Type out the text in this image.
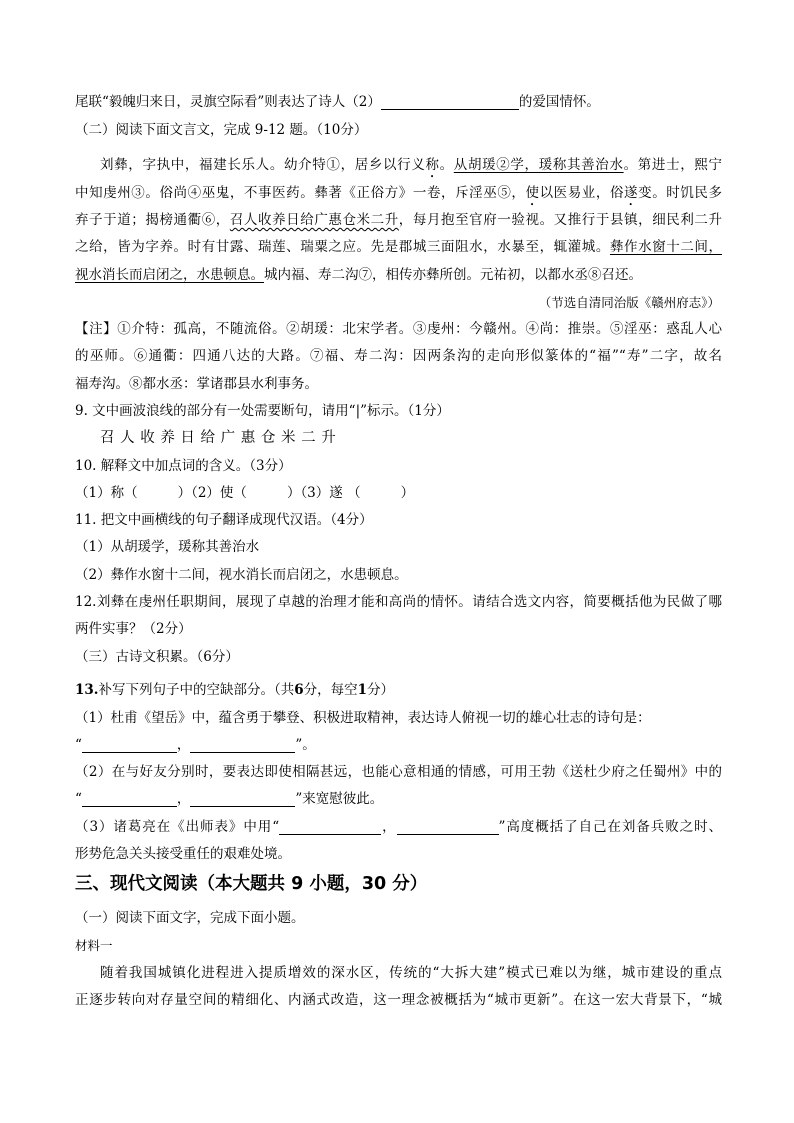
尾联“毅魄归来日，灵旗空际看”则表达了诗人（2）	的爱国情怀。
（二）阅读下面文言文，完成 9-12 题。（10分）
刘彝，字执中，福建长乐人。幼介特①，居乡以行义称。从胡瑗②学，瑗称其善治水。第进士，熙宁
中知虔州③。俗尚④巫鬼，不事医药。彝著《正俗方》一卷，斥淫巫⑤，使以医易业，俗遂变。时饥民多
弃子于道；揭榜通衢⑥，召人收养日给广惠仓米二升，每月抱至官府一验视。又推行于县镇，细民利二升
之给，皆为字养。时有甘露、瑞莲、瑞粟之应。先是郡城三面阻水，水暴至，辄灌城。彝作水窗十二间，
视水消长而启闭之，水患顿息。城内福、寿二沟⑦，相传亦彝所创。元祐初，以都水丞⑧召还。
（节选自清同治版《赣州府志》）
【注】①介特：孤高，不随流俗。②胡瑗：北宋学者。③虔州：今赣州。④尚：推崇。⑤淫巫：惑乱人心
的巫师。⑥通衢：四通八达的大路。⑦福、寿二沟：因两条沟的走向形似篆体的“福”“寿”二字，故名
福寿沟。⑧都水丞：掌诸郡县水利事务。
9. 文中画波浪线的部分有一处需要断句，请用“|”标示。（1分）
召 人 收 养 日 给 广 惠 仓 米 二 升
10. 解释文中加点词的含义。（3分）
（1）称（	）（2）使（	）（3）遂 （	）
11. 把文中画横线的句子翻译成现代汉语。（4分）
（1）从胡瑗学，瑗称其善治水
（2）彝作水窗十二间，视水消长而启闭之，水患顿息。
12.刘彝在虔州任职期间，展现了卓越的治理才能和高尚的情怀。请结合选文内容，简要概括他为民做了哪
两件实事？（2分）
（三）古诗文积累。（6分）
13.补写下列句子中的空缺部分。（共6分，每空1分）
（1）杜甫《望岳》中，蕴含勇于攀登、积极进取精神，表达诗人俯视一切的雄心壮志的诗句是：
“	，	”。
（2）在与好友分别时，要表达即使相隔甚远，也能心意相通的情感，可用王勃《送杜少府之任蜀州》中的
“	，	”来宽慰彼此。
（3）诸葛亮在《出师表》中用“	，	”高度概括了自己在刘备兵败之时、
形势危急关头接受重任的艰难处境。
三、现代文阅读（本大题共 9 小题，30 分）
（一）阅读下面文字，完成下面小题。
材料一
随着我国城镇化进程进入提质增效的深水区，传统的“大拆大建”模式已难以为继，城市建设的重点
正逐步转向对存量空间的精细化、内涵式改造，这一理念被概括为“城市更新”。在这一宏大背景下，“城
